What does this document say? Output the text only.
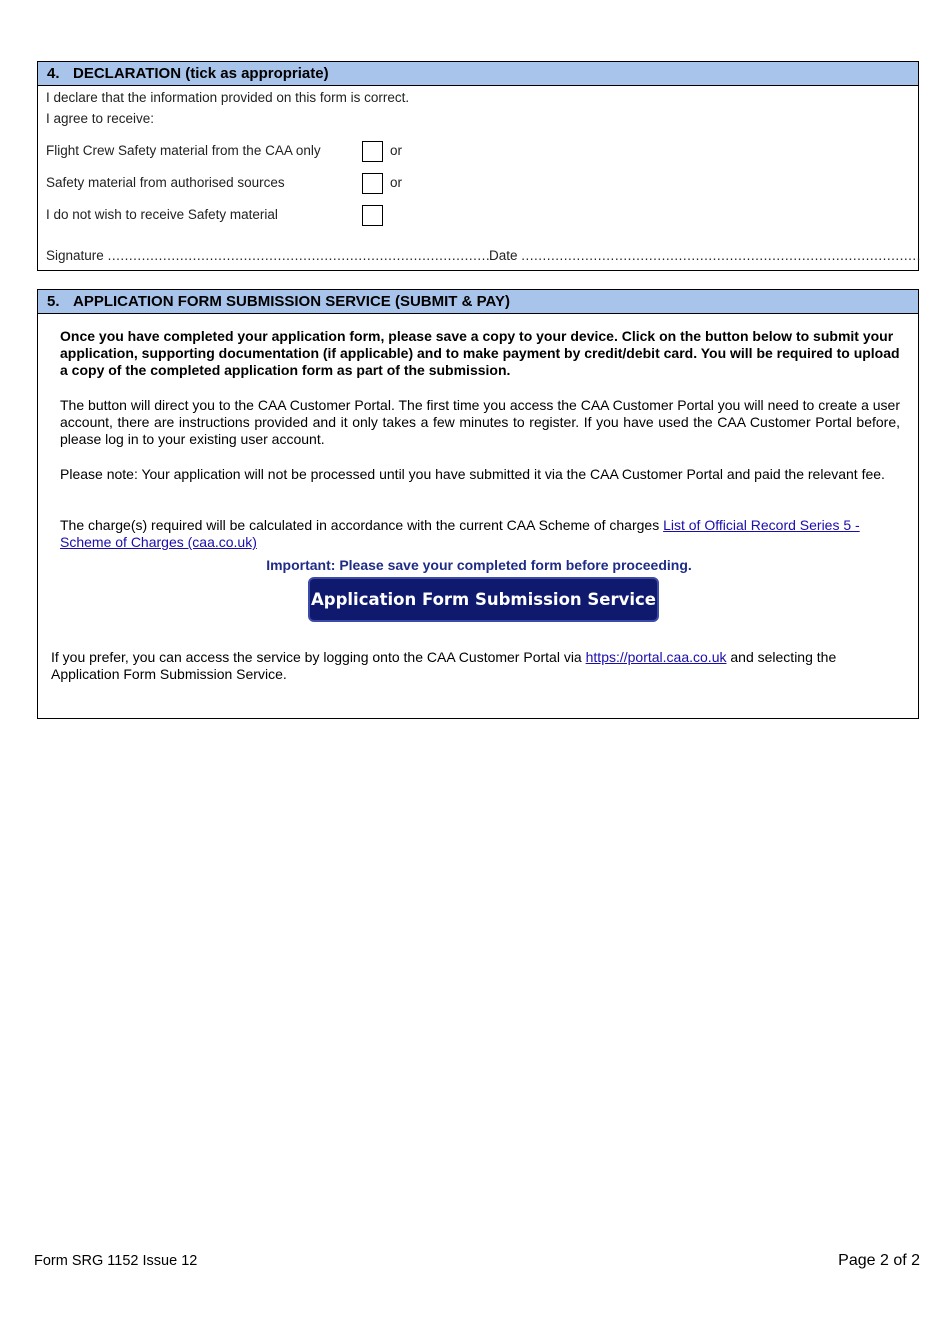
4. DECLARATION (tick as appropriate)
I declare that the information provided on this form is correct.
I agree to receive:
Flight Crew Safety material from the CAA only	or
Safety material from authorised sources	or
I do not wish to receive Safety material
Signature ..........................................................................................
Date ..............................................................................................
5. APPLICATION FORM SUBMISSION SERVICE (SUBMIT & PAY)

Once you have completed your application form, please save a copy to your device. Click on the button below to submit your application, supporting documentation (if applicable) and to make payment by credit/debit card. You will be required to upload a copy of the completed application form as part of the submission.

The button will direct you to the CAA Customer Portal. The first time you access the CAA Customer Portal you will need to create a user account, there are instructions provided and it only takes a few minutes to register. If you have used the CAA Customer Portal before, please log in to your existing user account.

Please note: Your application will not be processed until you have submitted it via the CAA Customer Portal and paid the relevant fee.

The charge(s) required will be calculated in accordance with the current CAA Scheme of charges List of Official Record Series 5 - Scheme of Charges (caa.co.uk)

Important: Please save your completed form before proceeding.
Application Form Submission Service
If you prefer, you can access the service by logging onto the CAA Customer Portal via https://portal.caa.co.uk and selecting the Application Form Submission Service.
Form SRG 1152 Issue 12	Page 2 of 2
